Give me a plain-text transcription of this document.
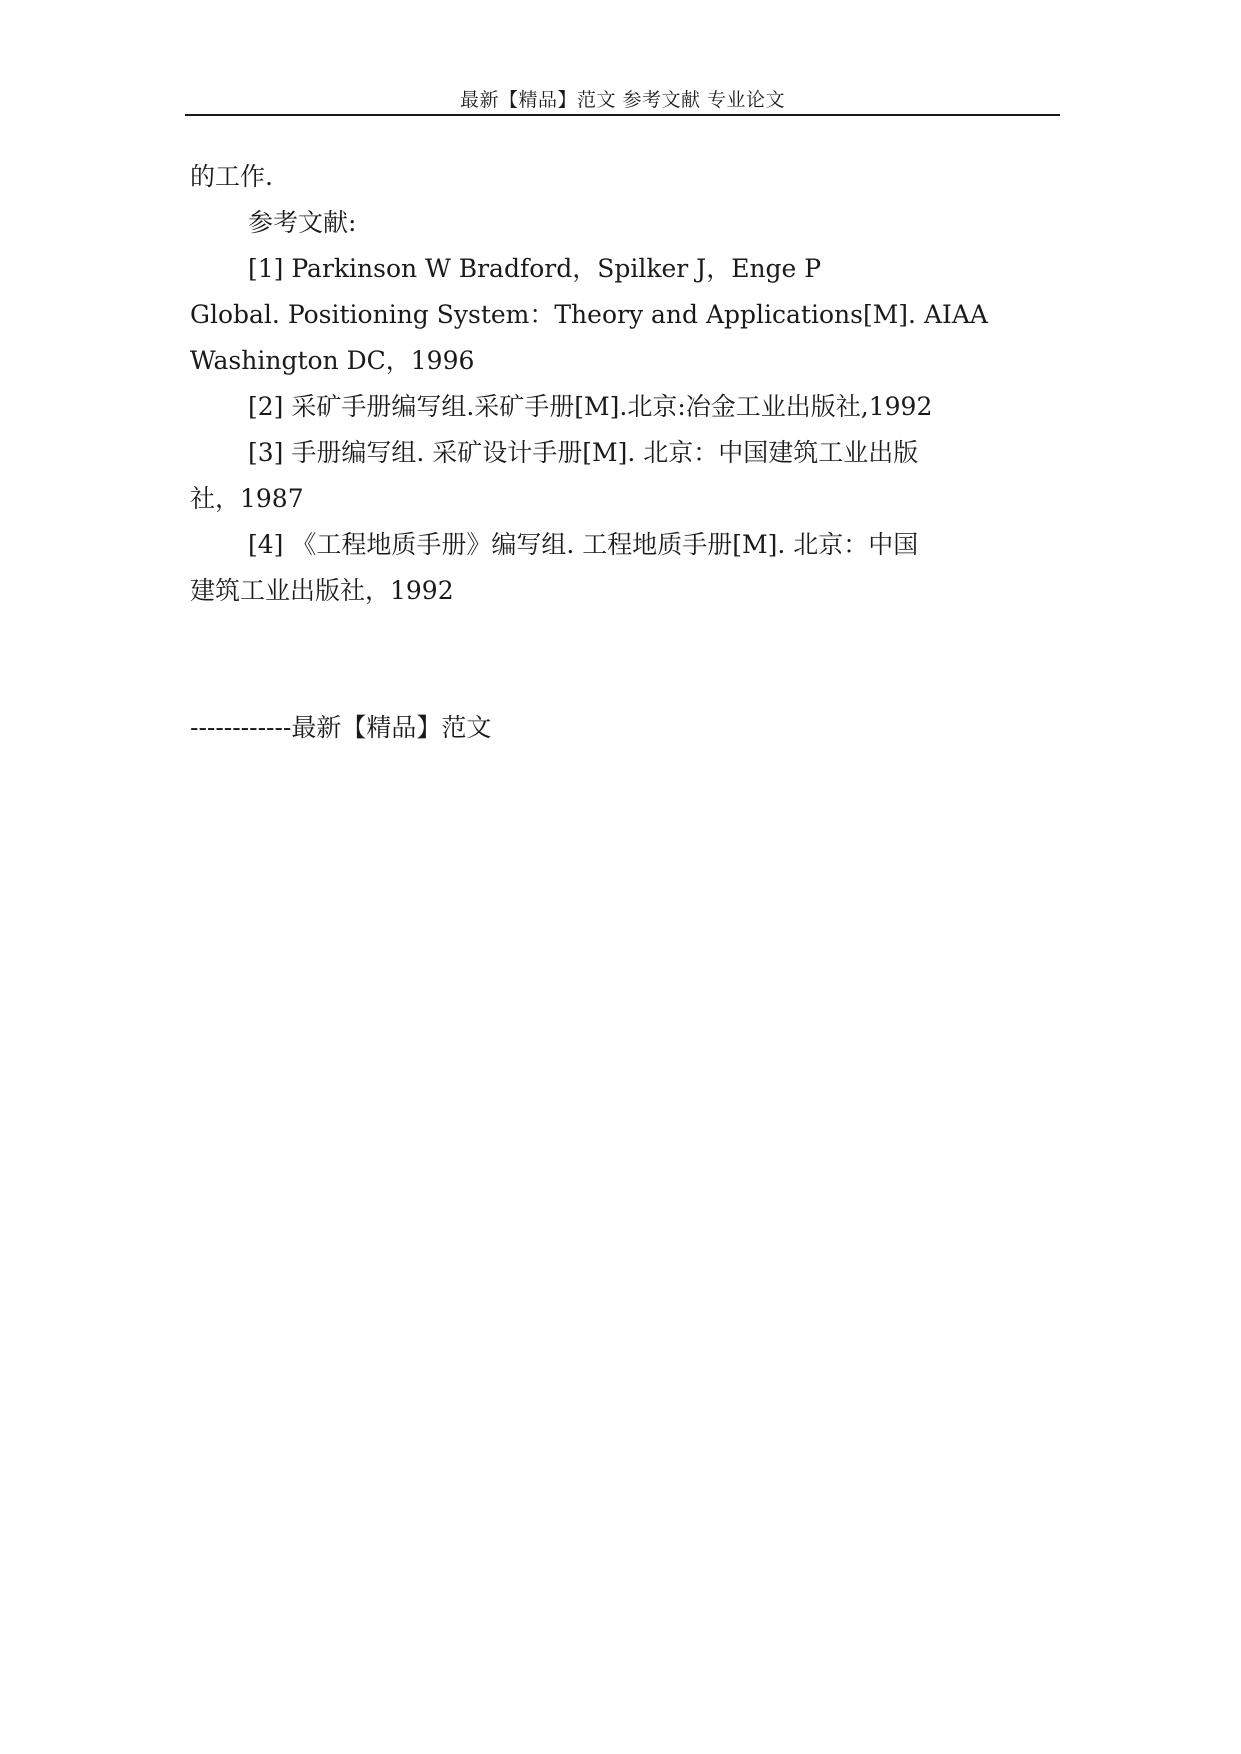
最新【精品】范文 参考文献 专业论文

的工作.

参考文献:

[1] Parkinson W Bradford，Spilker J，Enge P

Global. Positioning System：Theory and Applications[M]. AIAA

Washington DC，1996

[2] 采矿手册编写组.采矿手册[M].北京:冶金工业出版社,1992

[3] 手册编写组. 采矿设计手册[M]. 北京：中国建筑工业出版

社，1987

[4] 《工程地质手册》编写组. 工程地质手册[M]. 北京：中国

建筑工业出版社，1992

------------最新【精品】范文
